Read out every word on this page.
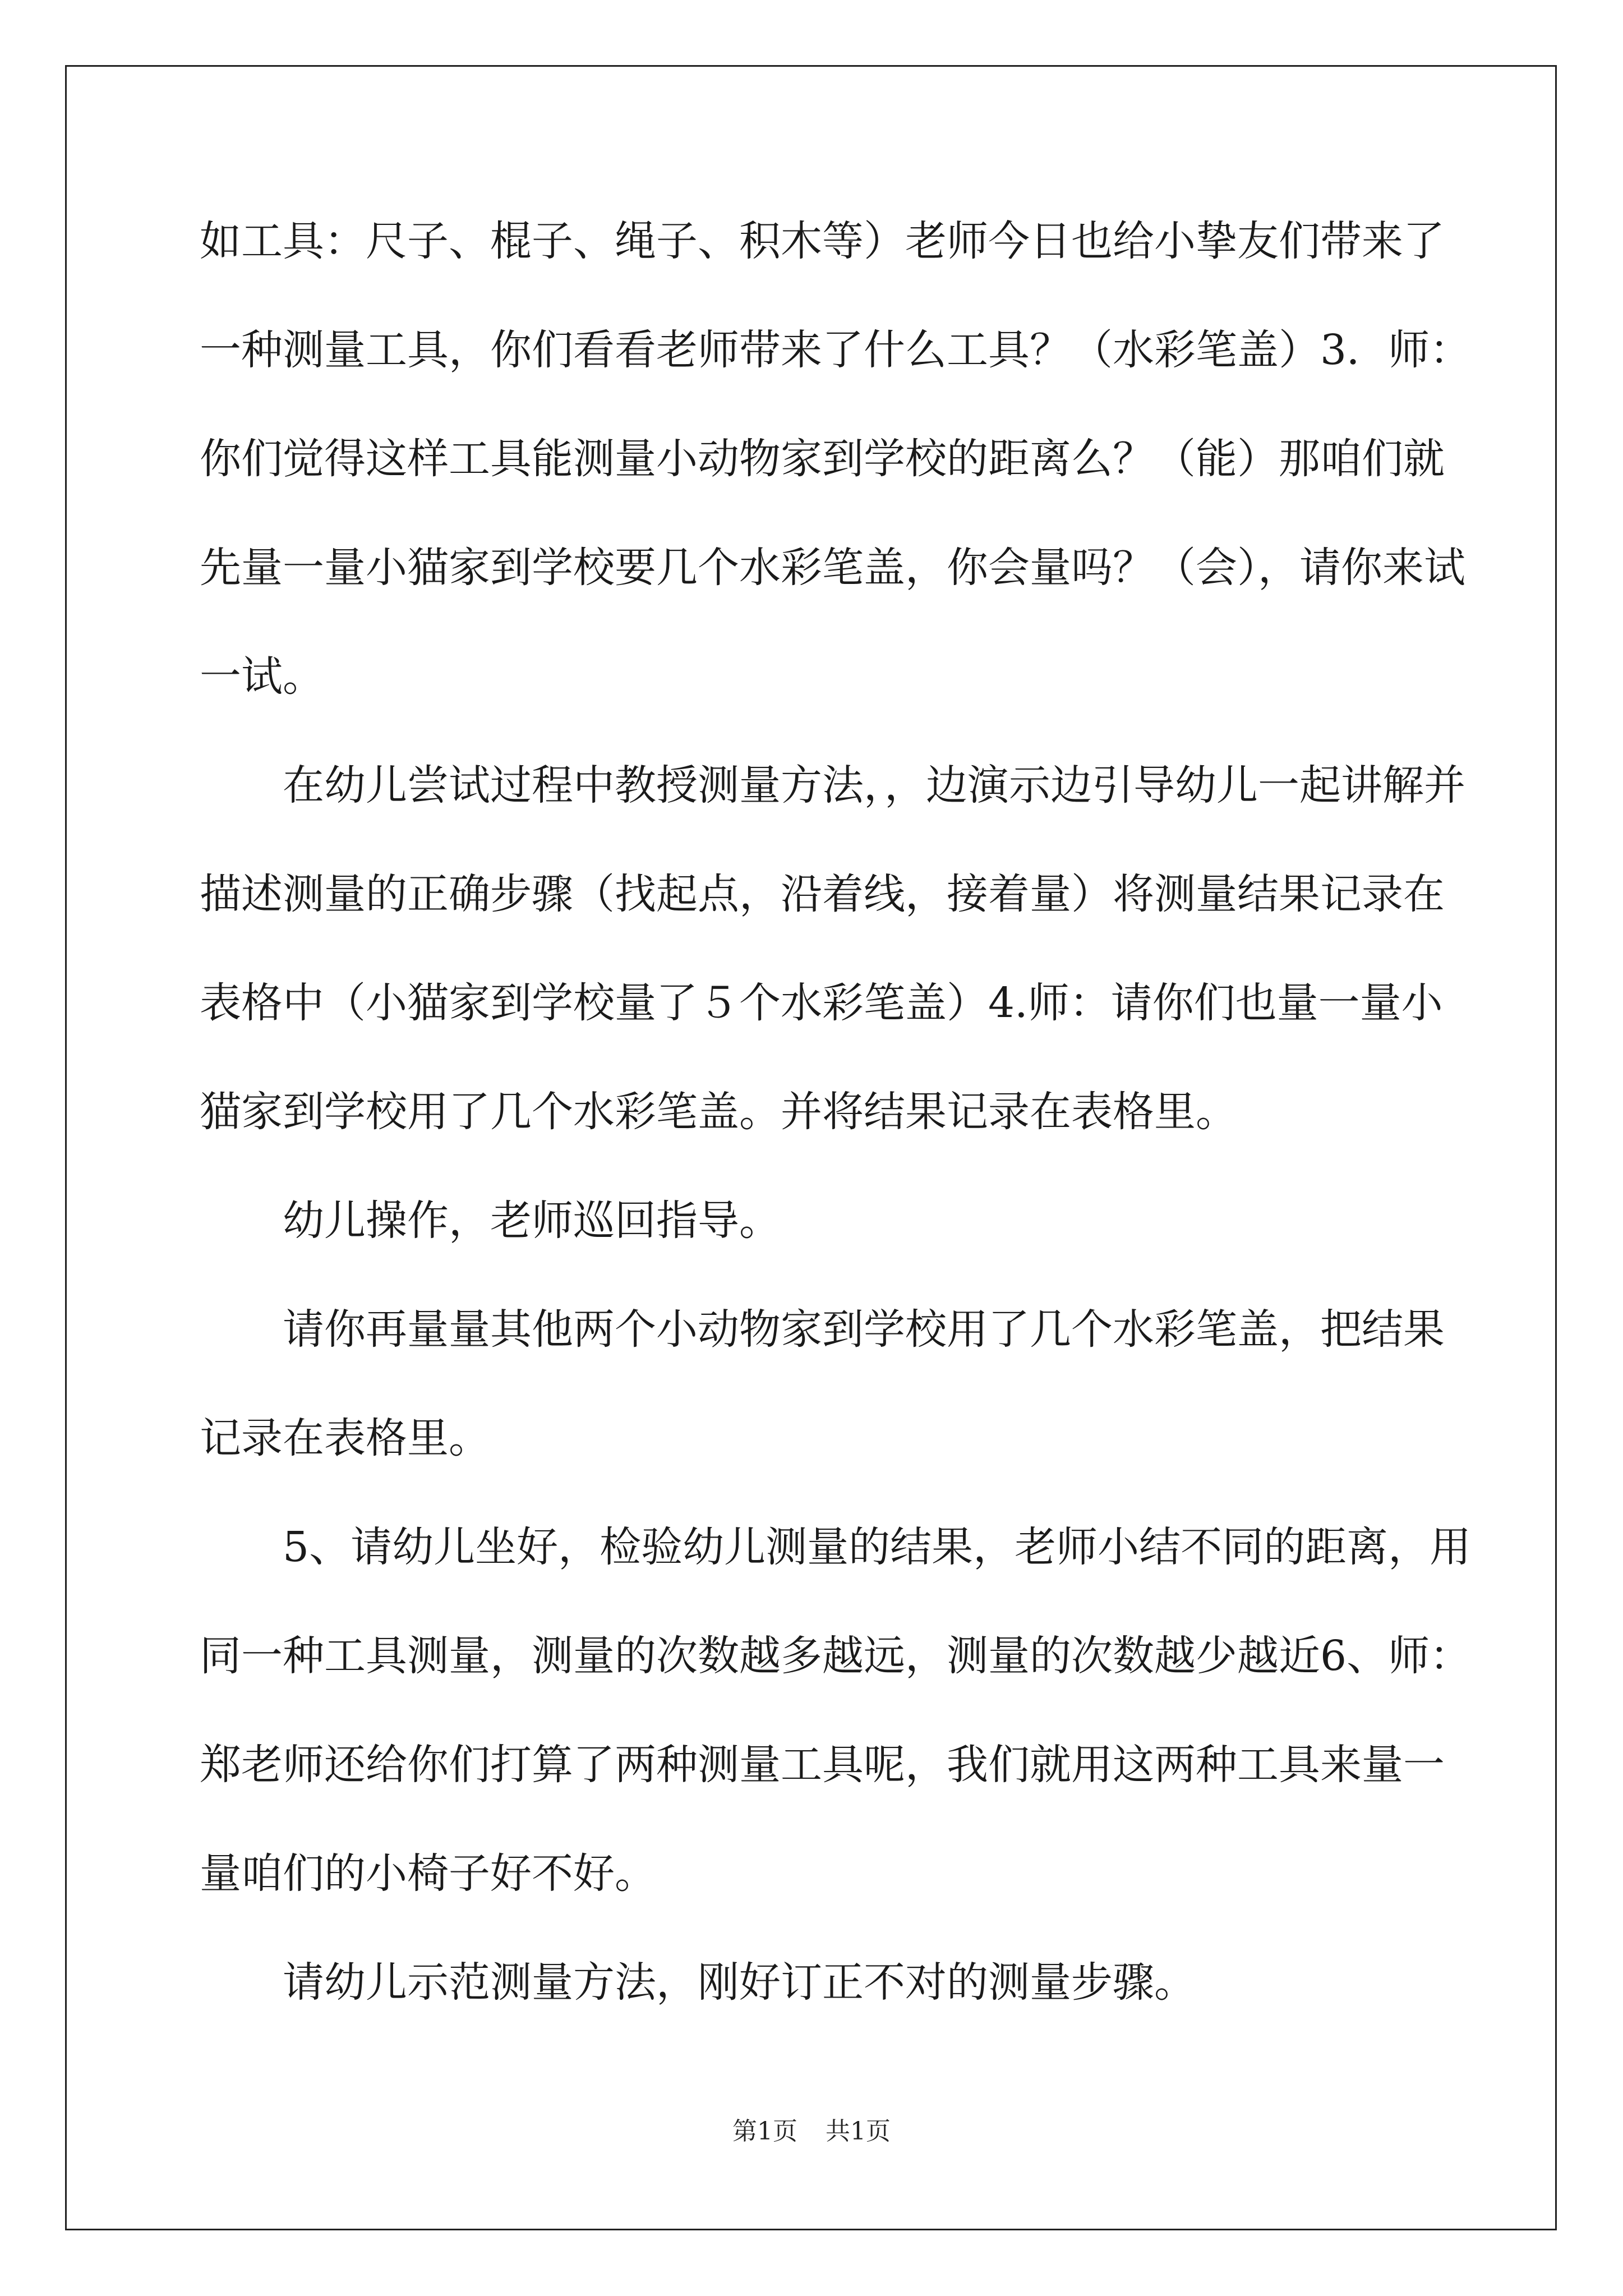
如工具：尺子、棍子、绳子、积木等）老师今日也给小挚友们带来了
一种测量工具，你们看看老师带来了什么工具？（水彩笔盖）3．师：
你们觉得这样工具能测量小动物家到学校的距离么？（能）那咱们就
先量一量小猫家到学校要几个水彩笔盖，你会量吗？（会），请你来试
一试。
在幼儿尝试过程中教授测量方法，，边演示边引导幼儿一起讲解并
描述测量的正确步骤（找起点，沿着线，接着量）将测量结果记录在
表格中（小猫家到学校量了５个水彩笔盖）4.师：请你们也量一量小
猫家到学校用了几个水彩笔盖。并将结果记录在表格里。
幼儿操作，老师巡回指导。
请你再量量其他两个小动物家到学校用了几个水彩笔盖，把结果
记录在表格里。
5、请幼儿坐好，检验幼儿测量的结果，老师小结不同的距离，用
同一种工具测量，测量的次数越多越远，测量的次数越少越近6、师：
郑老师还给你们打算了两种测量工具呢，我们就用这两种工具来量一
量咱们的小椅子好不好。
请幼儿示范测量方法，刚好订正不对的测量步骤。
第1页 共1页
